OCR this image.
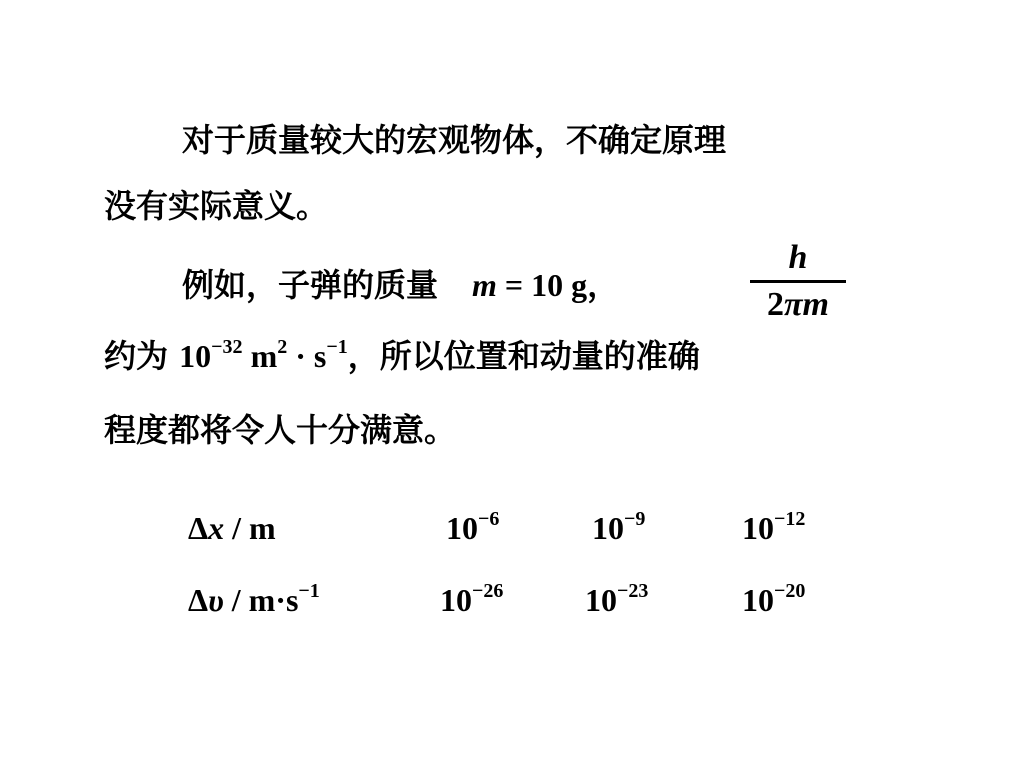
对于质量较大的宏观物体，不确定原理
没有实际意义。
例如，子弹的质量 m = 10 g，
h
2πm
约为 $10^{-32}$ $m^2 \cdot s^{-1}$，所以位置和动量的准确
程度都将令人十分满意。
Δx / m	$10^{-6}$	$10^{-9}$	$10^{-12}$
$\Delta\upsilon / m\cdot s^{-1}$	$10^{-26}$	$10^{-23}$	$10^{-20}$
